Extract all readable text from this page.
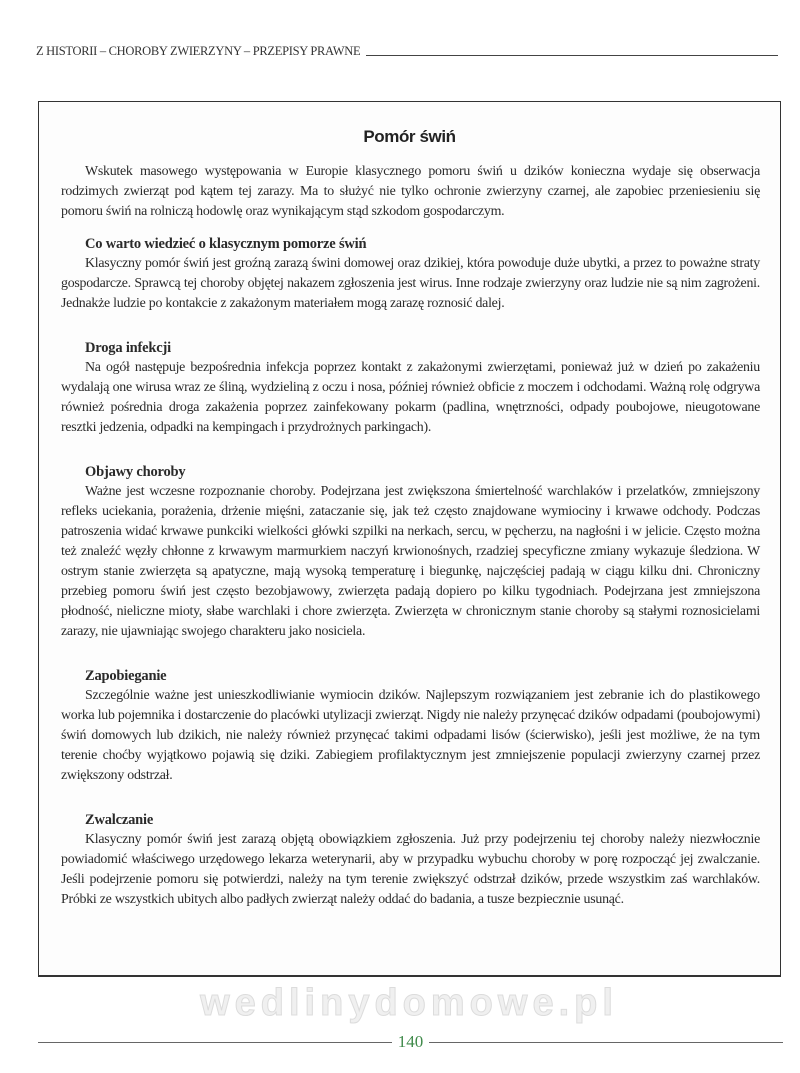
Z HISTORII – CHOROBY ZWIERZYNY – PRZEPISY PRAWNE
Pomór świń

Wskutek masowego występowania w Europie klasycznego pomoru świń u dzików konieczna wydaje się obserwacja rodzimych zwierząt pod kątem tej zarazy. Ma to służyć nie tylko ochronie zwierzyny czarnej, ale zapobiec przeniesieniu się pomoru świń na rolniczą hodowlę oraz wynikającym stąd szkodom gospodarczym.

Co warto wiedzieć o klasycznym pomorze świń

Klasyczny pomór świń jest groźną zarazą świni domowej oraz dzikiej, która powoduje duże ubytki, a przez to poważne straty gospodarcze. Sprawcą tej choroby objętej nakazem zgłoszenia jest wirus. Inne rodzaje zwierzyny oraz ludzie nie są nim zagrożeni. Jednakże ludzie po kontakcie z zakażonym materiałem mogą zarazę roznosić dalej.

Droga infekcji

Na ogół następuje bezpośrednia infekcja poprzez kontakt z zakażonymi zwierzętami, ponieważ już w dzień po zakażeniu wydalają one wirusa wraz ze śliną, wydzieliną z oczu i nosa, później również obficie z moczem i odchodami. Ważną rolę odgrywa również pośrednia droga zakażenia poprzez zainfekowany pokarm (padlina, wnętrzności, odpady poubojowe, nieugotowane resztki jedzenia, odpadki na kempingach i przydrożnych parkingach).

Objawy choroby

Ważne jest wczesne rozpoznanie choroby. Podejrzana jest zwiększona śmiertelność warchlaków i przelatków, zmniejszony refleks uciekania, porażenia, drżenie mięśni, zataczanie się, jak też często znajdowane wymiociny i krwawe odchody. Podczas patroszenia widać krwawe punkciki wielkości główki szpilki na nerkach, sercu, w pęcherzu, na nagłośni i w jelicie. Często można też znaleźć węzły chłonne z krwawym marmurkiem naczyń krwionośnych, rzadziej specyficzne zmiany wykazuje śledziona. W ostrym stanie zwierzęta są apatyczne, mają wysoką temperaturę i biegunkę, najczęściej padają w ciągu kilku dni. Chroniczny przebieg pomoru świń jest często bezobjawowy, zwierzęta padają dopiero po kilku tygodniach. Podejrzana jest zmniejszona płodność, nieliczne mioty, słabe warchlaki i chore zwierzęta. Zwierzęta w chronicznym stanie choroby są stałymi roznosicielami zarazy, nie ujawniając swojego charakteru jako nosiciela.

Zapobieganie

Szczególnie ważne jest unieszkodliwianie wymiocin dzików. Najlepszym rozwiązaniem jest zebranie ich do plastikowego worka lub pojemnika i dostarczenie do placówki utylizacji zwierząt. Nigdy nie należy przynęcać dzików odpadami (poubojowymi) świń domowych lub dzikich, nie należy również przynęcać takimi odpadami lisów (ścierwisko), jeśli jest możliwe, że na tym terenie choćby wyjątkowo pojawią się dziki. Zabiegiem profilaktycznym jest zmniejszenie populacji zwierzyny czarnej przez zwiększony odstrzał.

Zwalczanie

Klasyczny pomór świń jest zarazą objętą obowiązkiem zgłoszenia. Już przy podejrzeniu tej choroby należy niezwłocznie powiadomić właściwego urzędowego lekarza weterynarii, aby w przypadku wybuchu choroby w porę rozpocząć jej zwalczanie. Jeśli podejrzenie pomoru się potwierdzi, należy na tym terenie zwiększyć odstrzał dzików, przede wszystkim zaś warchlaków. Próbki ze wszystkich ubitych albo padłych zwierząt należy oddać do badania, a tusze bezpiecznie usunąć.

wedlinydomowe.pl
140
